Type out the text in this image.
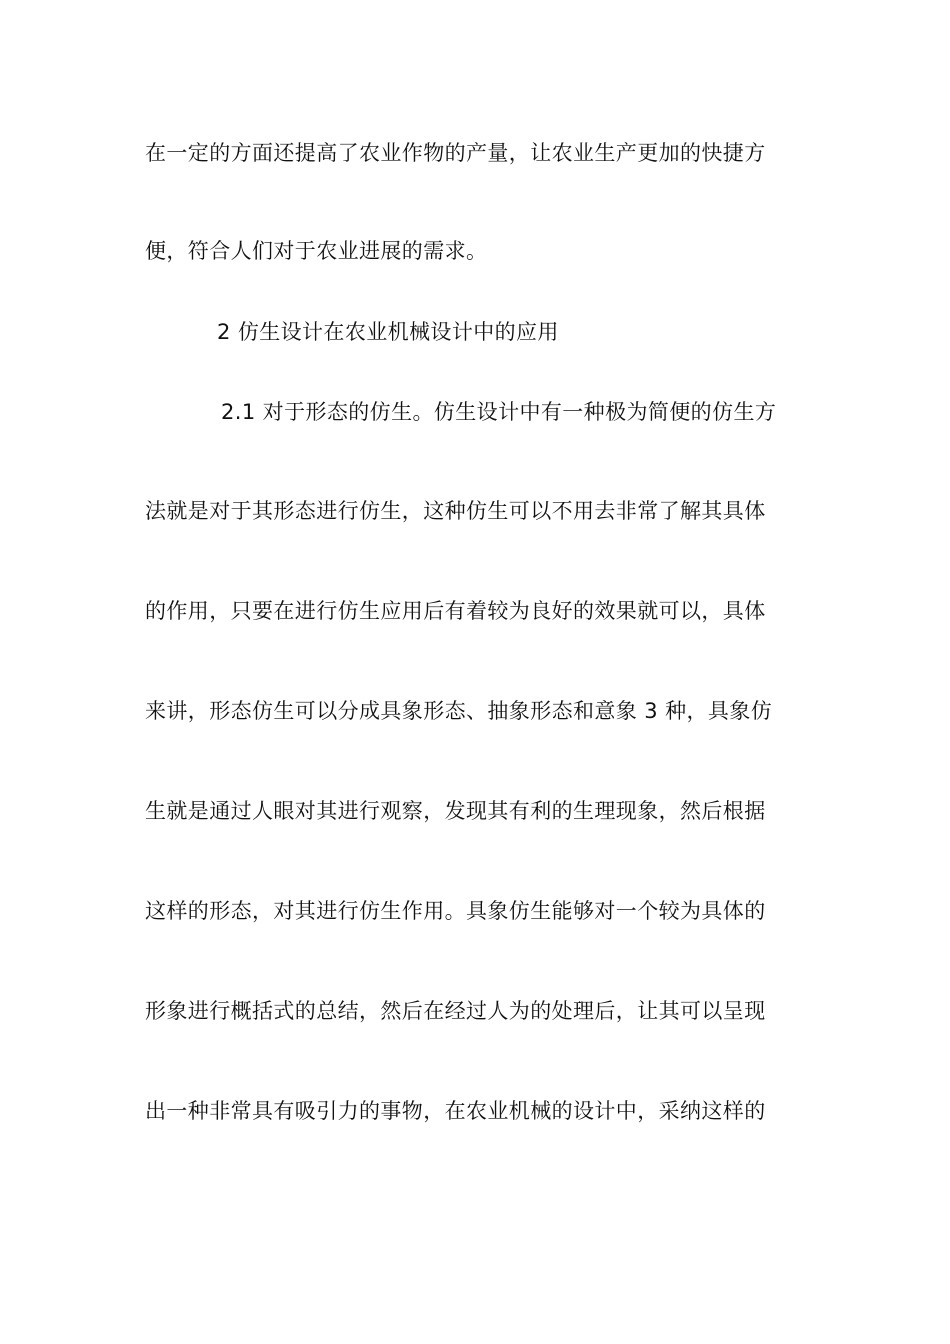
在一定的方面还提高了农业作物的产量，让农业生产更加的快捷方
便，符合人们对于农业进展的需求。
2 仿生设计在农业机械设计中的应用
2.1 对于形态的仿生。仿生设计中有一种极为简便的仿生方
法就是对于其形态进行仿生，这种仿生可以不用去非常了解其具体
的作用，只要在进行仿生应用后有着较为良好的效果就可以，具体
来讲，形态仿生可以分成具象形态、抽象形态和意象 3 种，具象仿
生就是通过人眼对其进行观察，发现其有利的生理现象，然后根据
这样的形态，对其进行仿生作用。具象仿生能够对一个较为具体的
形象进行概括式的总结，然后在经过人为的处理后，让其可以呈现
出一种非常具有吸引力的事物，在农业机械的设计中，采纳这样的
